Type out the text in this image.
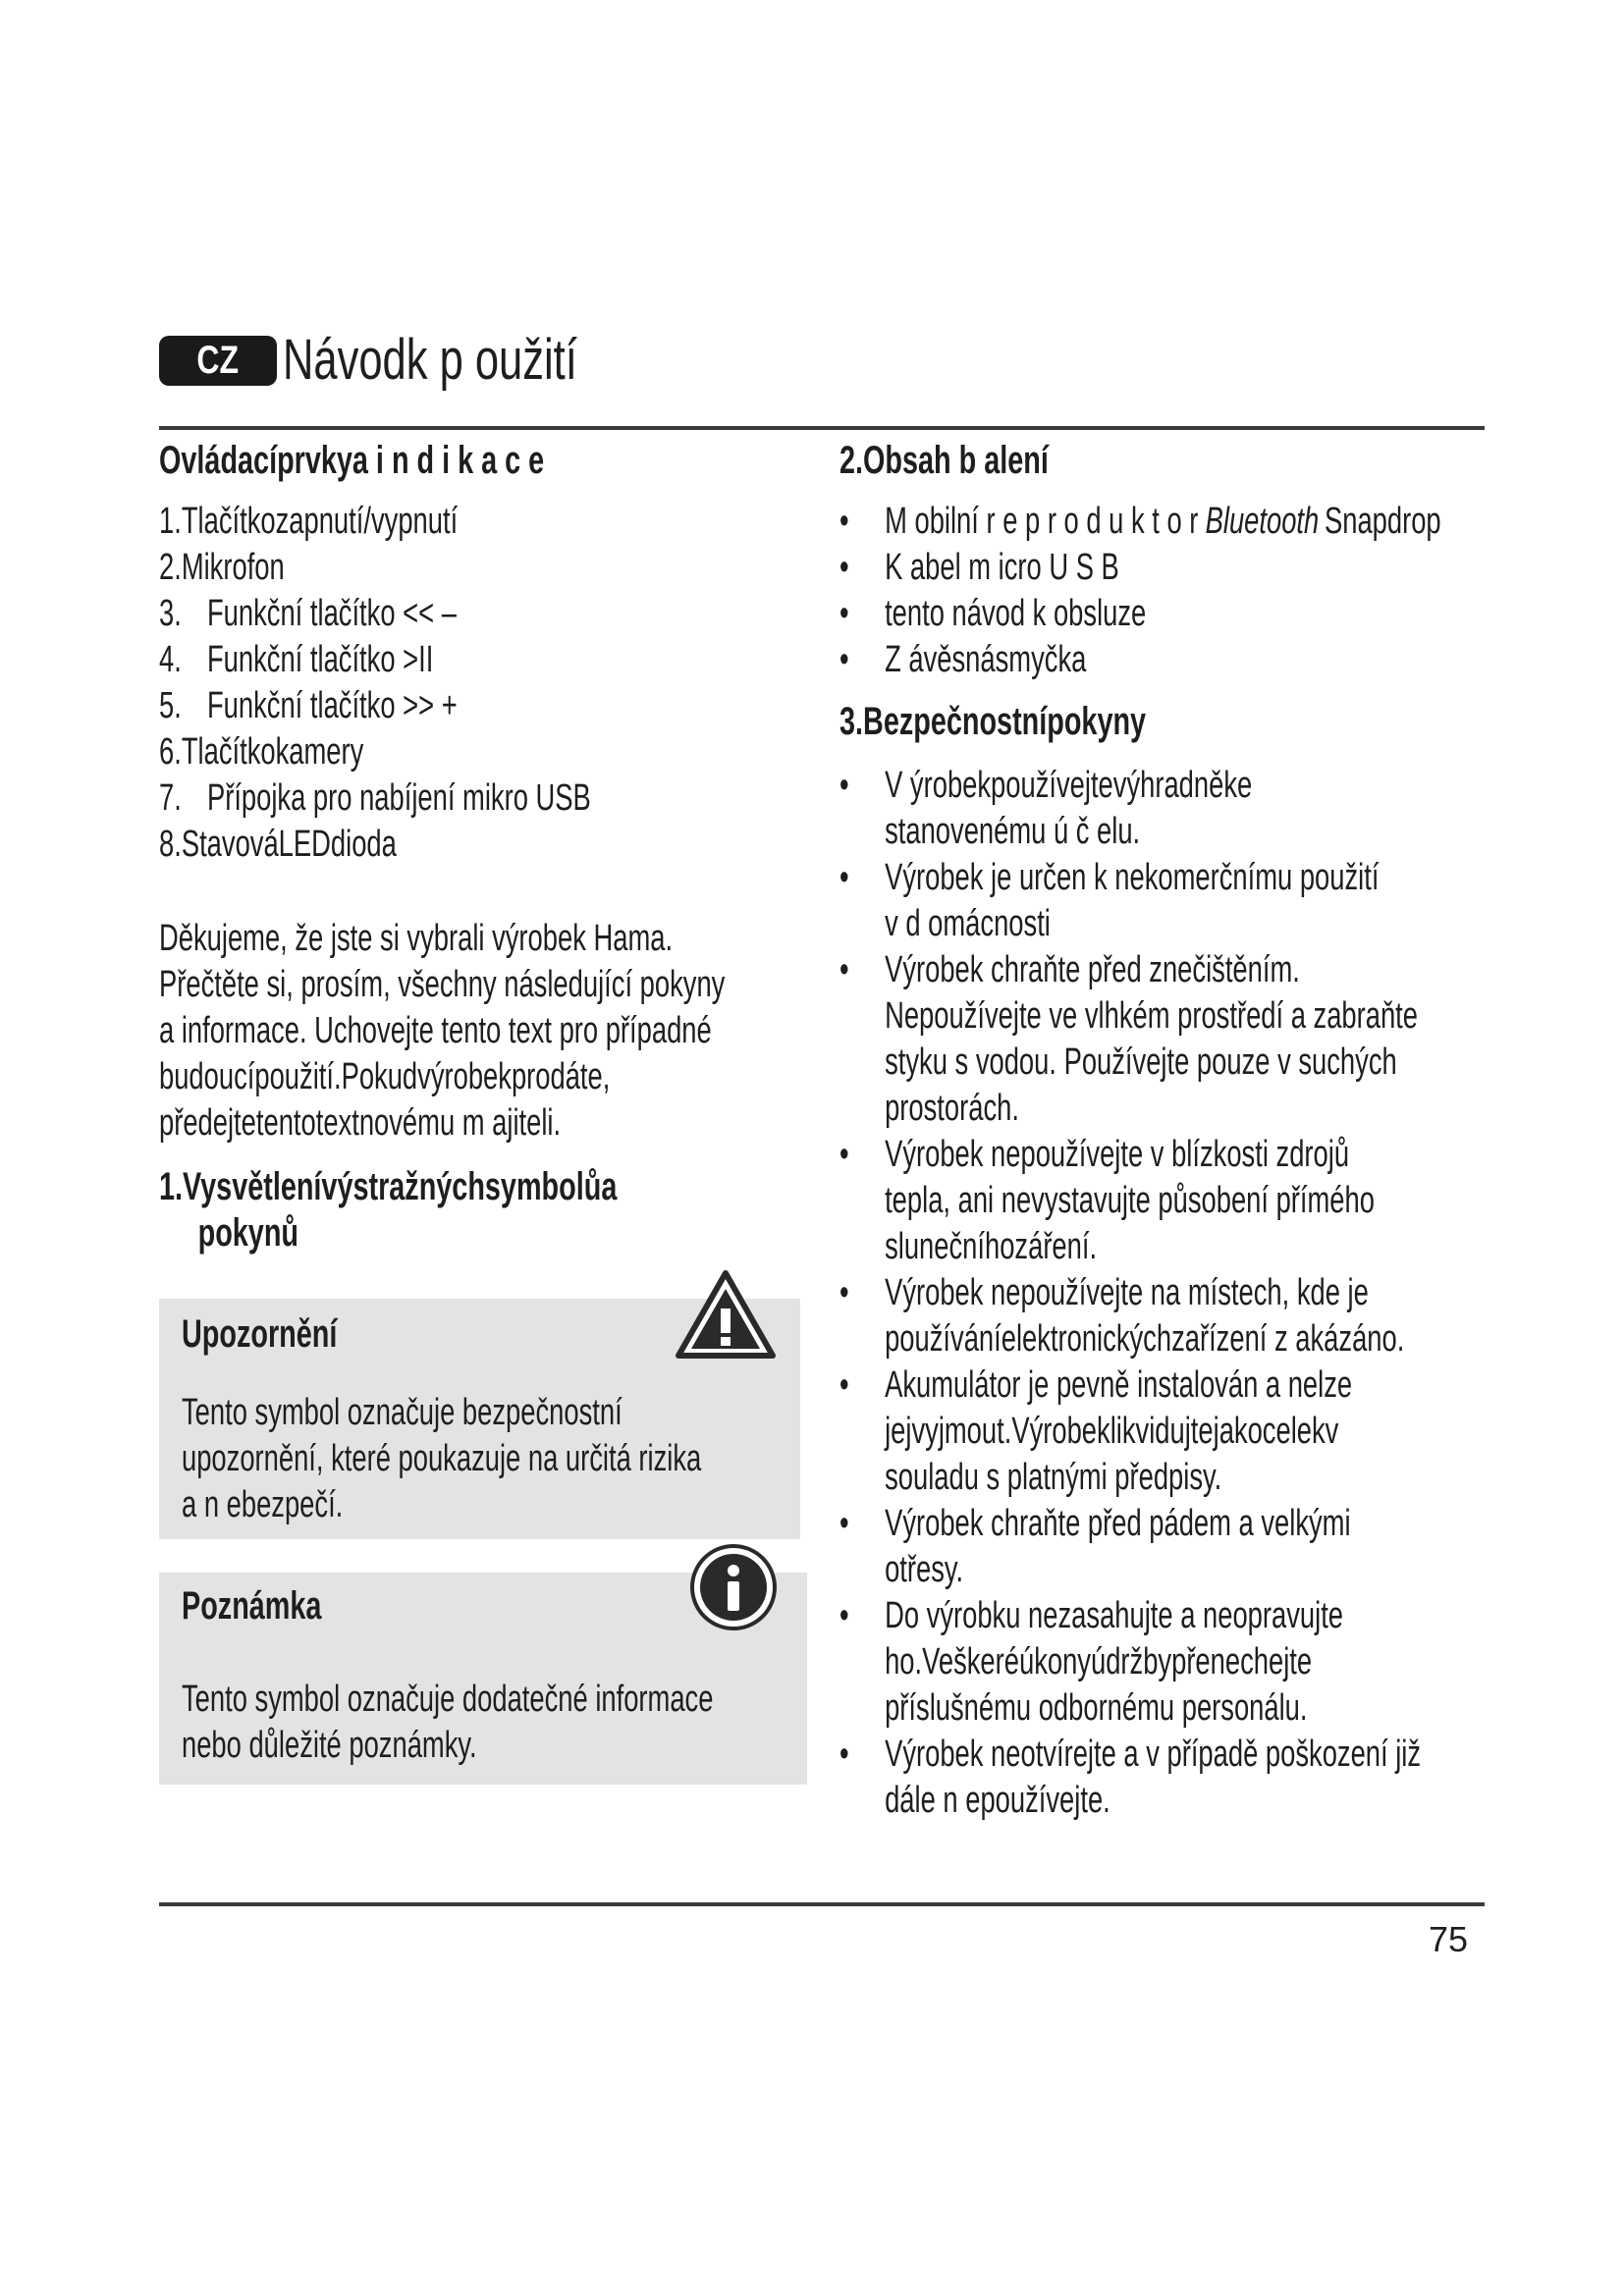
CZ Návodk p oužití
Ovládacíprvkya i n d i k a c e
1.Tlačítkozapnutí/vypnutí
2.Mikrofon
3. Funkční tlačítko << –
4. Funkční tlačítko >II
5. Funkční tlačítko >> +
6.Tlačítkokamery
7. Přípojka pro nabíjení mikro USB
8.StavováLEDdioda
Děkujeme, že jste si vybrali výrobek Hama.
Přečtěte si, prosím, všechny následující pokyny
a informace. Uchovejte tento text pro případné
budoucípoužití.Pokudvýrobekprodáte,
předejtetentotextnovému m ajiteli.
1.Vysvětlenívýstražnýchsymbolůa
pokynů
Upozornění
Tento symbol označuje bezpečnostní
upozornění, které poukazuje na určitá rizika
a n ebezpečí.
Poznámka
Tento symbol označuje dodatečné informace
nebo důležité poznámky.
2.Obsah b alení
• M obilní r e p r o d u k t o r Bluetooth Snapdrop
• K abel m icro U S B
• tento návod k obsluze
• Z ávěsnásmyčka
3.Bezpečnostnípokyny
• V ýrobekpoužívejtevýhradněke
stanovenému ú č elu.
• Výrobek je určen k nekomerčnímu použití
v d omácnosti
• Výrobek chraňte před znečištěním.
Nepoužívejte ve vlhkém prostředí a zabraňte
styku s vodou. Používejte pouze v suchých
prostorách.
• Výrobek nepoužívejte v blízkosti zdrojů
tepla, ani nevystavujte působení přímého
slunečníhozáření.
• Výrobek nepoužívejte na místech, kde je
používáníelektronickýchzařízení z akázáno.
• Akumulátor je pevně instalován a nelze
jejvyjmout.Výrobeklikvidujtejakocelekv
souladu s platnými předpisy.
• Výrobek chraňte před pádem a velkými
otřesy.
• Do výrobku nezasahujte a neopravujte
ho.Veškeréúkonyúdržbypřenechejte
příslušnému odbornému personálu.
• Výrobek neotvírejte a v případě poškození již
dále n epoužívejte.
75
